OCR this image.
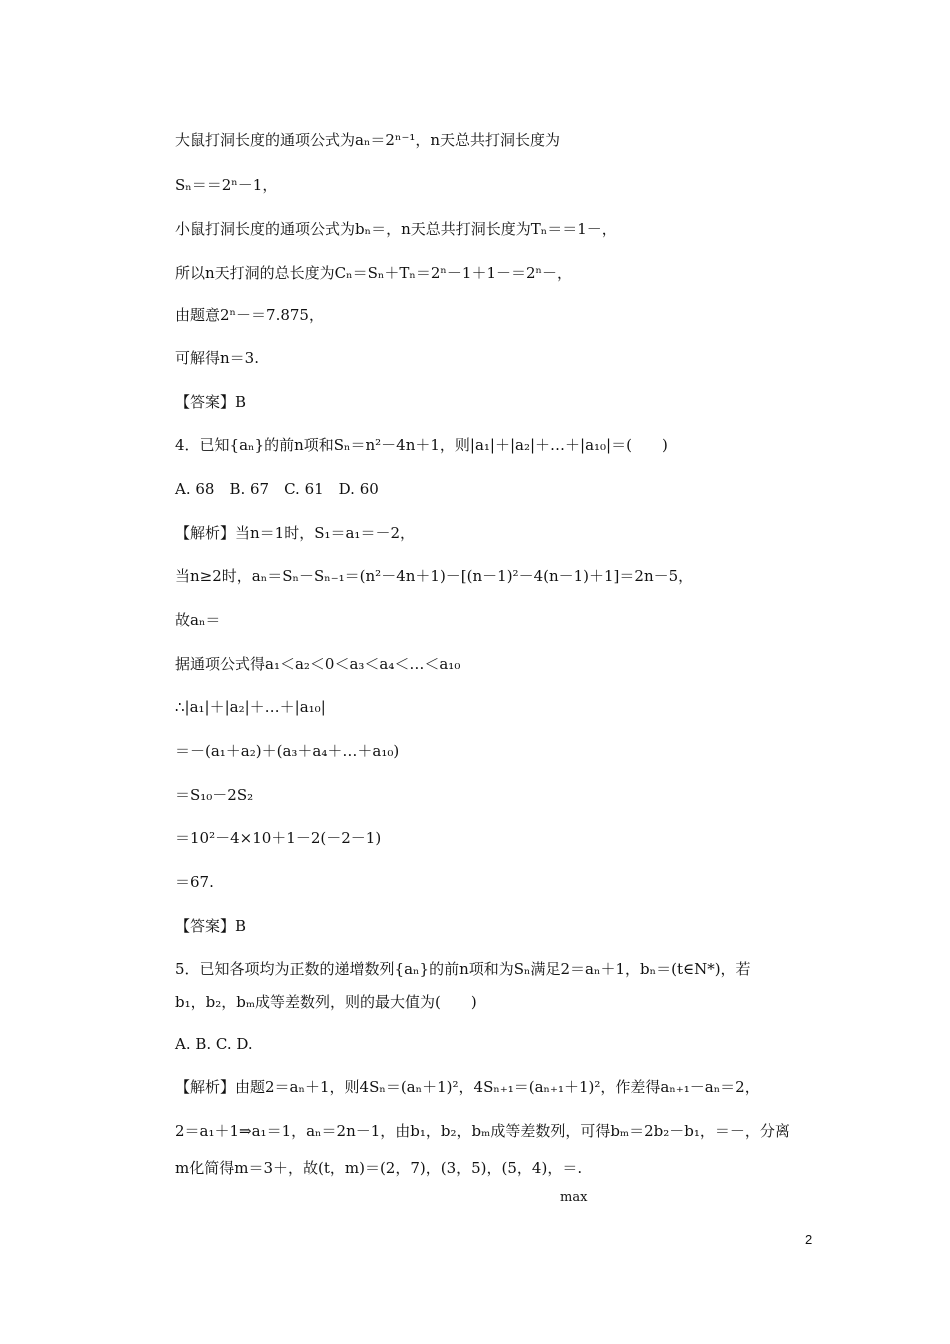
大鼠打洞长度的通项公式为aₙ＝2ⁿ⁻¹，n天总共打洞长度为
Sₙ＝＝2ⁿ－1，
小鼠打洞长度的通项公式为bₙ＝，n天总共打洞长度为Tₙ＝＝1－，
所以n天打洞的总长度为Cₙ＝Sₙ＋Tₙ＝2ⁿ－1＋1－＝2ⁿ－，
由题意2ⁿ－＝7.875，
可解得n＝3.
【答案】B
4．已知{aₙ}的前n项和Sₙ＝n²－4n＋1，则|a₁|＋|a₂|＋…＋|a₁₀|＝(　　)
A. 68　B. 67　C. 61　D. 60
【解析】当n＝1时，S₁＝a₁＝－2，
当n≥2时，aₙ＝Sₙ－Sₙ₋₁＝(n²－4n＋1)－[(n－1)²－4(n－1)＋1]＝2n－5，
故aₙ＝
据通项公式得a₁＜a₂＜0＜a₃＜a₄＜…＜a₁₀
∴|a₁|＋|a₂|＋…＋|a₁₀|
＝－(a₁＋a₂)＋(a₃＋a₄＋…＋a₁₀)
＝S₁₀－2S₂
＝10²－4×10＋1－2(－2－1)
＝67.
【答案】B
5．已知各项均为正数的递增数列{aₙ}的前n项和为Sₙ满足2＝aₙ＋1，bₙ＝(t∈N*)，若
b₁，b₂，bₘ成等差数列，则的最大值为(　　)
A. B. C. D.
【解析】由题2＝aₙ＋1，则4Sₙ＝(aₙ＋1)²，4Sₙ₊₁＝(aₙ₊₁＋1)²，作差得aₙ₊₁－aₙ＝2，
2＝a₁＋1⇒a₁＝1，aₙ＝2n－1，由b₁，b₂，bₘ成等差数列，可得bₘ＝2b₂－b₁，＝－，分离
m化简得m＝3＋，故(t，m)＝(2，7)，(3，5)，(5，4)，＝.
max
2
